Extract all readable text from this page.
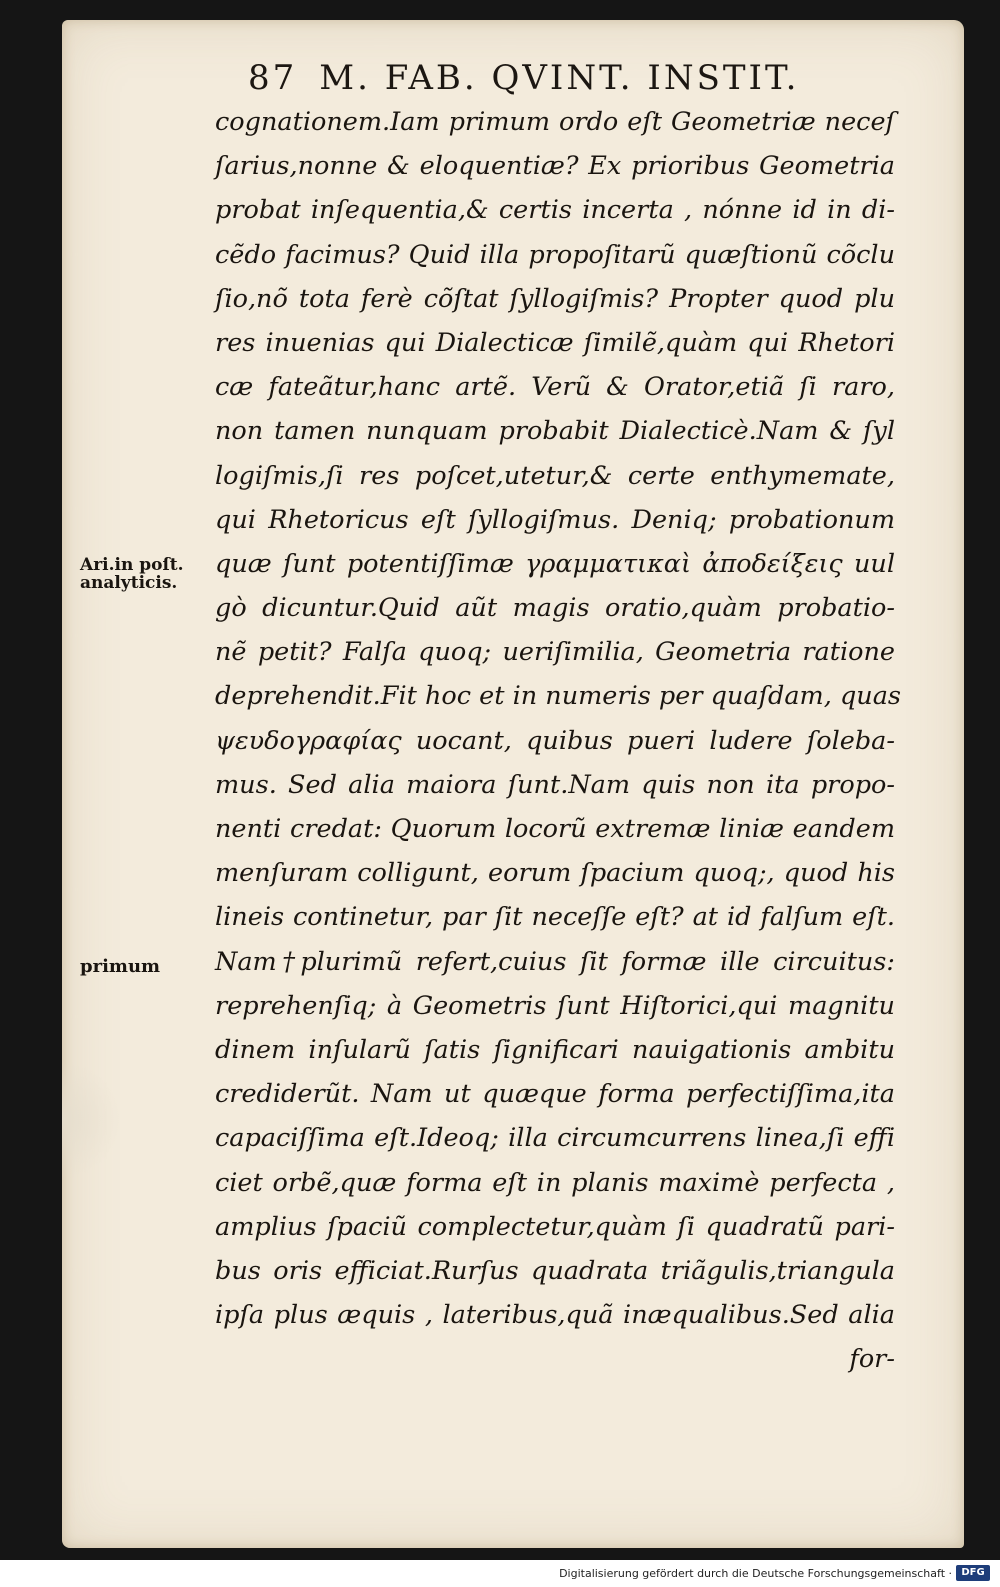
87 M. FAB. QVINT. INSTIT.
Ari.in poſt.
analyticis.
primum
cognationem.Iam primum ordo eſt Geometriæ neceſ
ſarius,nonne & eloquentiæ? Ex prioribus Geometria
probat inſequentia,& certis incerta , nónne id in di-
cẽdo facimus? Quid illa propoſitarũ quæſtionũ cõclu
ſio,nõ tota ferè cõſtat ſyllogiſmis? Propter quod plu
res inuenias qui Dialecticæ ſimilẽ,quàm qui Rhetori
cæ fateãtur,hanc artẽ. Verũ & Orator,etiã ſi raro,
non tamen nunquam probabit Dialecticè.Nam & ſyl
logiſmis,ſi res poſcet,utetur,& certe enthymemate,
qui Rhetoricus eſt ſyllogiſmus. Deniq; probationum
quæ ſunt potentiſſimæ γραμματικαὶ ἀποδείξεις uul
gò dicuntur.Quid aũt magis oratio,quàm probatio-
nẽ petit? Falſa quoq; ueriſimilia, Geometria ratione
deprehendit.Fit hoc et in numeris per quaſdam, quas
ψευδογραφίας uocant, quibus pueri ludere ſoleba-
mus. Sed alia maiora ſunt.Nam quis non ita propo-
nenti credat: Quorum locorũ extremæ liniæ eandem
menſuram colligunt, eorum ſpacium quoq;, quod his
lineis continetur, par ſit neceſſe eſt? at id falſum eſt.
Nam†plurimũ refert,cuius ſit formæ ille circuitus:
reprehenſiq; à Geometris ſunt Hiſtorici,qui magnitu
dinem inſularũ ſatis ſignificari nauigationis ambitu
crediderũt. Nam ut quæque forma perfectiſſima,ita
capaciſſima eſt.Ideoq; illa circumcurrens linea,ſi effi
ciet orbẽ,quæ forma eſt in planis maximè perfecta ,
amplius ſpaciũ complectetur,quàm ſi quadratũ pari-
bus oris efficiat.Rurſus quadrata triãgulis,triangula
ipſa plus æquis , lateribus,quã inæqualibus.Sed alia
for-
Digitalisierung gefördert durch die Deutsche Forschungsgemeinschaft · DFG
